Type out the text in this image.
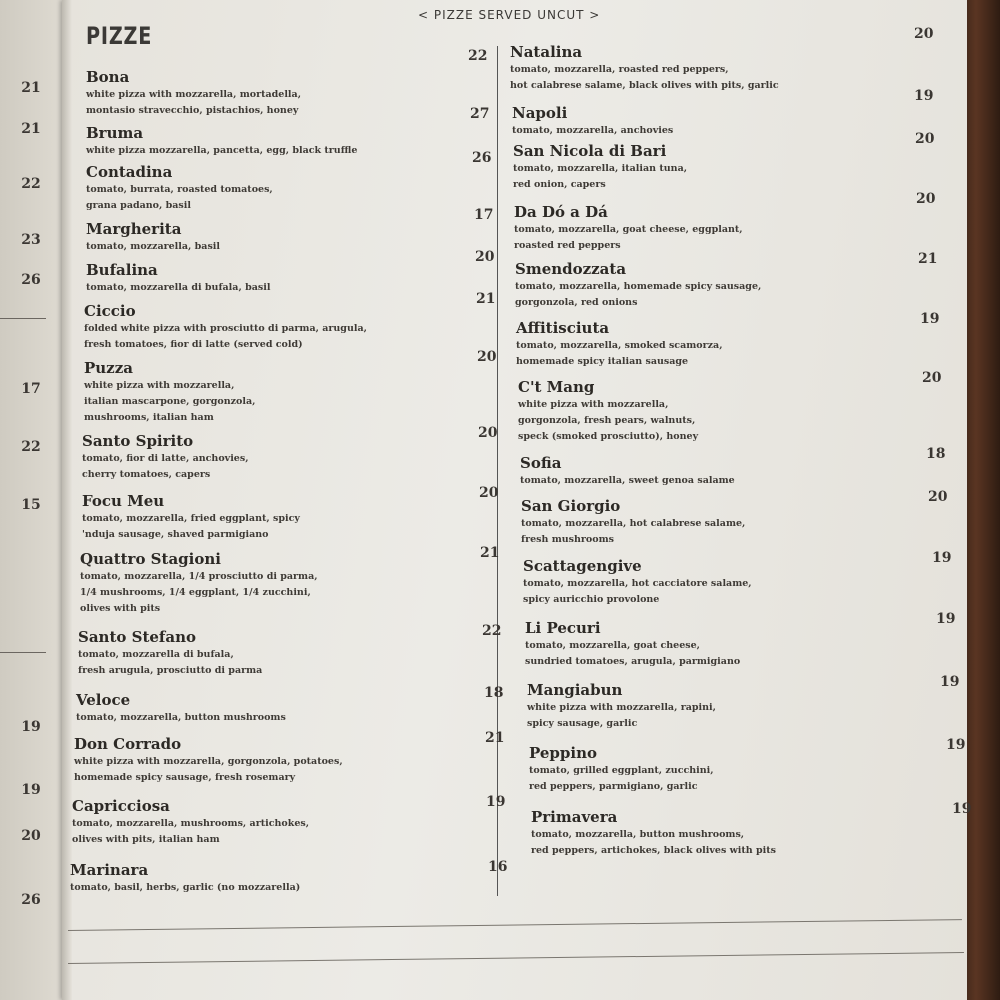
21
21
22
23
26
17
22
15
19
19
20
26
PIZZE
< PIZZE SERVED UNCUT >
Bona
white pizza with mozzarella, mortadella,
montasio stravecchio, pistachios, honey
Bruma
white pizza mozzarella, pancetta, egg, black truffle
Contadina
tomato, burrata, roasted tomatoes,
grana padano, basil
Margherita
tomato, mozzarella, basil
Bufalina
tomato, mozzarella di bufala, basil
Ciccio
folded white pizza with prosciutto di parma, arugula,
fresh tomatoes, fior di latte (served cold)
Puzza
white pizza with mozzarella,
italian mascarpone, gorgonzola,
mushrooms, italian ham
Santo Spirito
tomato, fior di latte, anchovies,
cherry tomatoes, capers
Focu Meu
tomato, mozzarella, fried eggplant, spicy
'nduja sausage, shaved parmigiano
Quattro Stagioni
tomato, mozzarella, 1/4 prosciutto di parma,
1/4 mushrooms, 1/4 eggplant, 1/4 zucchini,
olives with pits
Santo Stefano
tomato, mozzarella di bufala,
fresh arugula, prosciutto di parma
Veloce
tomato, mozzarella, button mushrooms
Don Corrado
white pizza with mozzarella, gorgonzola, potatoes,
homemade spicy sausage, fresh rosemary
Capricciosa
tomato, mozzarella, mushrooms, artichokes,
olives with pits, italian ham
Marinara
tomato, basil, herbs, garlic (no mozzarella)
22
27
26
17
20
21
20
20
20
21
22
18
21
19
16
Natalina
tomato, mozzarella, roasted red peppers,
hot calabrese salame, black olives with pits, garlic
Napoli
tomato, mozzarella, anchovies
San Nicola di Bari
tomato, mozzarella, italian tuna,
red onion, capers
Da Dó a Dá
tomato, mozzarella, goat cheese, eggplant,
roasted red peppers
Smendozzata
tomato, mozzarella, homemade spicy sausage,
gorgonzola, red onions
Affitisciuta
tomato, mozzarella, smoked scamorza,
homemade spicy italian sausage
C't Mang
white pizza with mozzarella,
gorgonzola, fresh pears, walnuts,
speck (smoked prosciutto), honey
Sofia
tomato, mozzarella, sweet genoa salame
San Giorgio
tomato, mozzarella, hot calabrese salame,
fresh mushrooms
Scattagengive
tomato, mozzarella, hot cacciatore salame,
spicy auricchio provolone
Li Pecuri
tomato, mozzarella, goat cheese,
sundried tomatoes, arugula, parmigiano
Mangiabun
white pizza with mozzarella, rapini,
spicy sausage, garlic
Peppino
tomato, grilled eggplant, zucchini,
red peppers, parmigiano, garlic
Primavera
tomato, mozzarella, button mushrooms,
red peppers, artichokes, black olives with pits
20
19
20
20
21
19
20
18
20
19
19
19
19
19
